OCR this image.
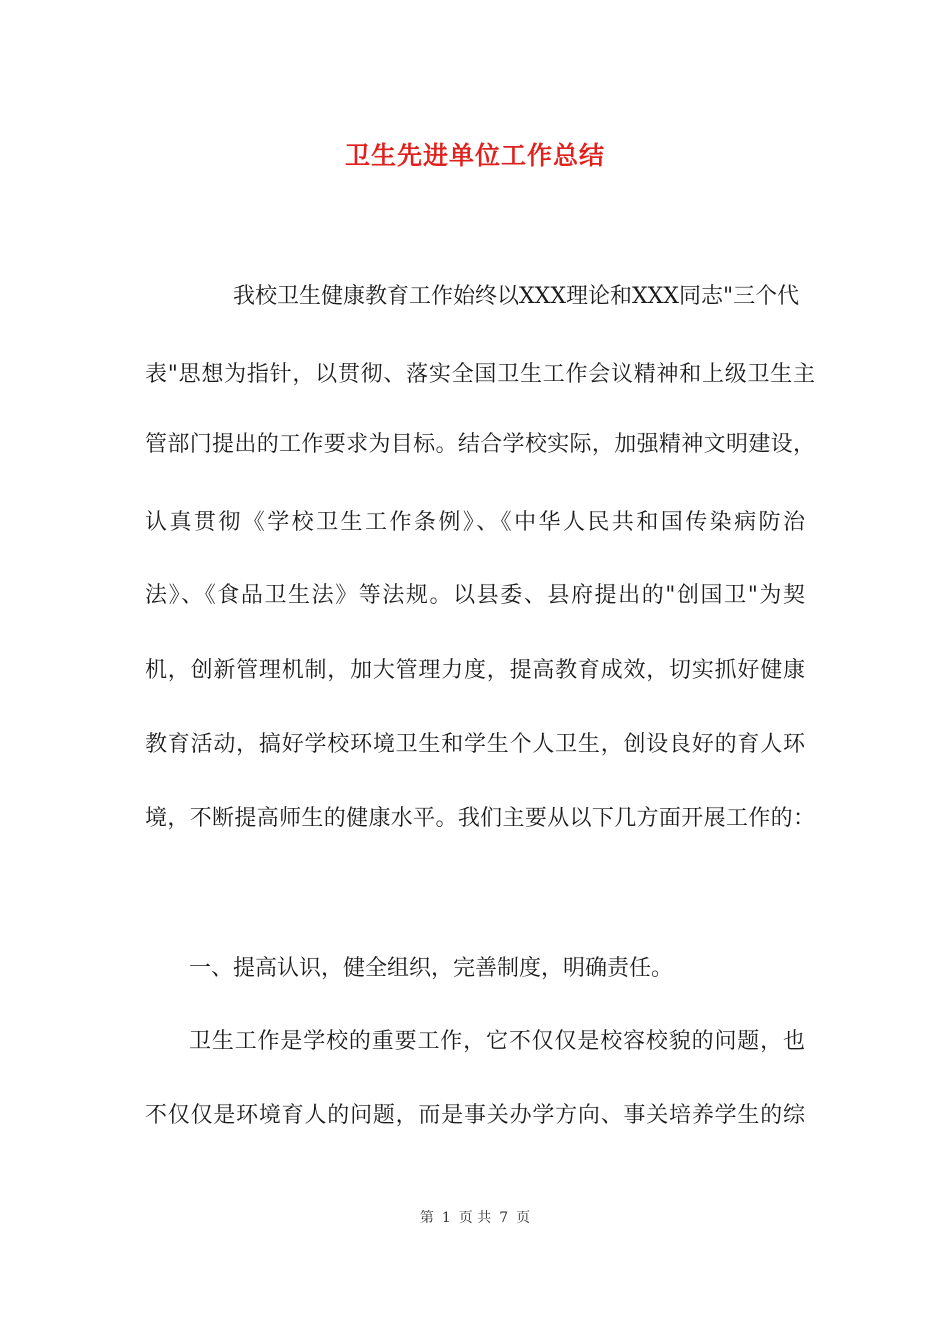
卫生先进单位工作总结
我校卫生健康教育工作始终以XXX理论和XXX同志"三个代
表"思想为指针，以贯彻、落实全国卫生工作会议精神和上级卫生主
管部门提出的工作要求为目标。结合学校实际，加强精神文明建设，
认真贯彻《学校卫生工作条例》、《中华人民共和国传染病防治
法》、《食品卫生法》等法规。以县委、县府提出的"创国卫"为契
机，创新管理机制，加大管理力度，提高教育成效，切实抓好健康
教育活动，搞好学校环境卫生和学生个人卫生，创设良好的育人环
境，不断提高师生的健康水平。我们主要从以下几方面开展工作的：
一、提高认识，健全组织，完善制度，明确责任。
卫生工作是学校的重要工作，它不仅仅是校容校貌的问题，也
不仅仅是环境育人的问题，而是事关办学方向、事关培养学生的综
第 1 页 共 7 页
